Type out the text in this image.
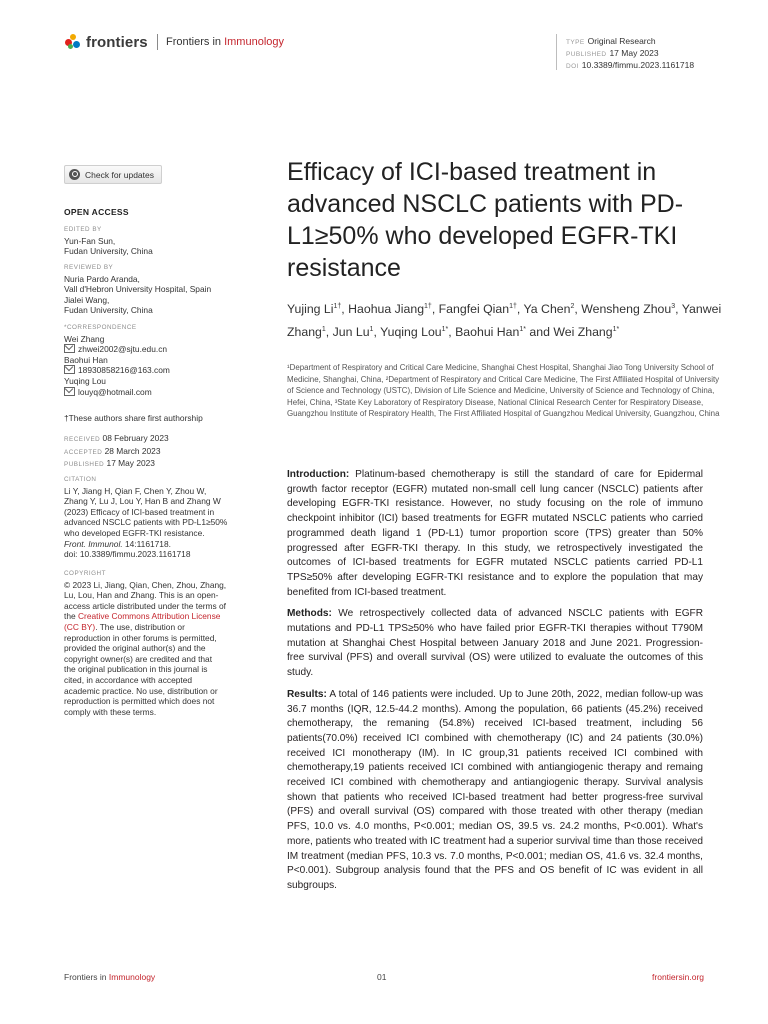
frontiers Frontiers in Immunology	TYPE Original Research
PUBLISHED 17 May 2023
DOI 10.3389/fimmu.2023.1161718
Check for updates
OPEN ACCESS
EDITED BY
Yun-Fan Sun,
Fudan University, China
REVIEWED BY
Nuria Pardo Aranda,
Vall d'Hebron University Hospital, Spain
Jialei Wang,
Fudan University, China
*CORRESPONDENCE
Wei Zhang
zhwei2002@sjtu.edu.cn
Baohui Han
18930858216@163.com
Yuqing Lou
louyq@hotmail.com
†These authors share first authorship
RECEIVED 08 February 2023
ACCEPTED 28 March 2023
PUBLISHED 17 May 2023
CITATION
Li Y, Jiang H, Qian F, Chen Y, Zhou W,
Zhang Y, Lu J, Lou Y, Han B and Zhang W
(2023) Efficacy of ICI-based treatment in
advanced NSCLC patients with PD-L1≥50%
who developed EGFR-TKI resistance.
Front. Immunol. 14:1161718.
doi: 10.3389/fimmu.2023.1161718
COPYRIGHT
© 2023 Li, Jiang, Qian, Chen, Zhou, Zhang,
Lu, Lou, Han and Zhang. This is an open-
access article distributed under the terms of
the Creative Commons Attribution License
(CC BY). The use, distribution or
reproduction in other forums is permitted,
provided the original author(s) and the
copyright owner(s) are credited and that
the original publication in this journal is
cited, in accordance with accepted
academic practice. No use, distribution or
reproduction is permitted which does not
comply with these terms.
Efficacy of ICI-based treatment in advanced NSCLC patients with PD-L1≥50% who developed EGFR-TKI resistance
Yujing $Li^{1\dagger}$, Haohua Jiang$^{1\dagger}$, Fangfei Qian$^{1\dagger}$, Ya Chen$^2$, Wensheng Zhou$^3$, Yanwei Zhang$^1$, Jun Lu$^1$, Yuqing Lou$^{1*}$, Baohui Han$^{1*}$ and Wei Zhang$^{1*}$
¹Department of Respiratory and Critical Care Medicine, Shanghai Chest Hospital, Shanghai Jiao Tong University School of Medicine, Shanghai, China, ²Department of Respiratory and Critical Care Medicine, The First Affiliated Hospital of University of Science and Technology (USTC), Division of Life Science and Medicine, University of Science and Technology of China, Hefei, China, ³State Key Laboratory of Respiratory Disease, National Clinical Research Center for Respiratory Disease, Guangzhou Institute of Respiratory Health, The First Affiliated Hospital of Guangzhou Medical University, Guangzhou, China

Introduction: Platinum-based chemotherapy is still the standard of care for Epidermal growth factor receptor (EGFR) mutated non-small cell lung cancer (NSCLC) patients after developing EGFR-TKI resistance. However, no study focusing on the role of immuno checkpoint inhibitor (ICI) based treatments for EGFR mutated NSCLC patients who carried programmed death ligand 1 (PD-L1) tumor proportion score (TPS) greater than 50% progressed after EGFR-TKI therapy. In this study, we retrospectively investigated the outcomes of ICI-based treatments for EGFR mutated NSCLC patients carried PD-L1 TPS≥50% after developing EGFR-TKI resistance and to explore the population that may benefited from ICI-based treatment.

Methods: We retrospectively collected data of advanced NSCLC patients with EGFR mutations and PD-L1 TPS≥50% who have failed prior EGFR-TKI therapies without T790M mutation at Shanghai Chest Hospital between January 2018 and June 2021. Progression-free survival (PFS) and overall survival (OS) were utilized to evaluate the outcomes of this study.

Results: A total of 146 patients were included. Up to June 20th, 2022, median follow-up was 36.7 months (IQR, 12.5-44.2 months). Among the population, 66 patients (45.2%) received chemotherapy, the remaning (54.8%) received ICI-based treatment, including 56 patients(70.0%) received ICI combined with chemotherapy (IC) and 24 patients (30.0%) received ICI monotherapy (IM). In IC group,31 patients received ICI combined with chemotherapy,19 patients received ICI combined with antiangiogenic therapy and remaing received ICI combined with chemotherapy and antiangiogenic therapy. Survival analysis shown that patients who received ICI-based treatment had better progress-free survival (PFS) and overall survival (OS) compared with those treated with other therapy (median PFS, 10.0 vs. 4.0 months, P<0.001; median OS, 39.5 vs. 24.2 months, P<0.001). What's more, patients who treated with IC treatment had a superior survival time than those received IM treatment (median PFS, 10.3 vs. 7.0 months, P<0.001; median OS, 41.6 vs. 32.4 months, P<0.001). Subgroup analysis found that the PFS and OS benefit of IC was evident in all subgroups.

Frontiers in Immunology	01	frontiersin.org
